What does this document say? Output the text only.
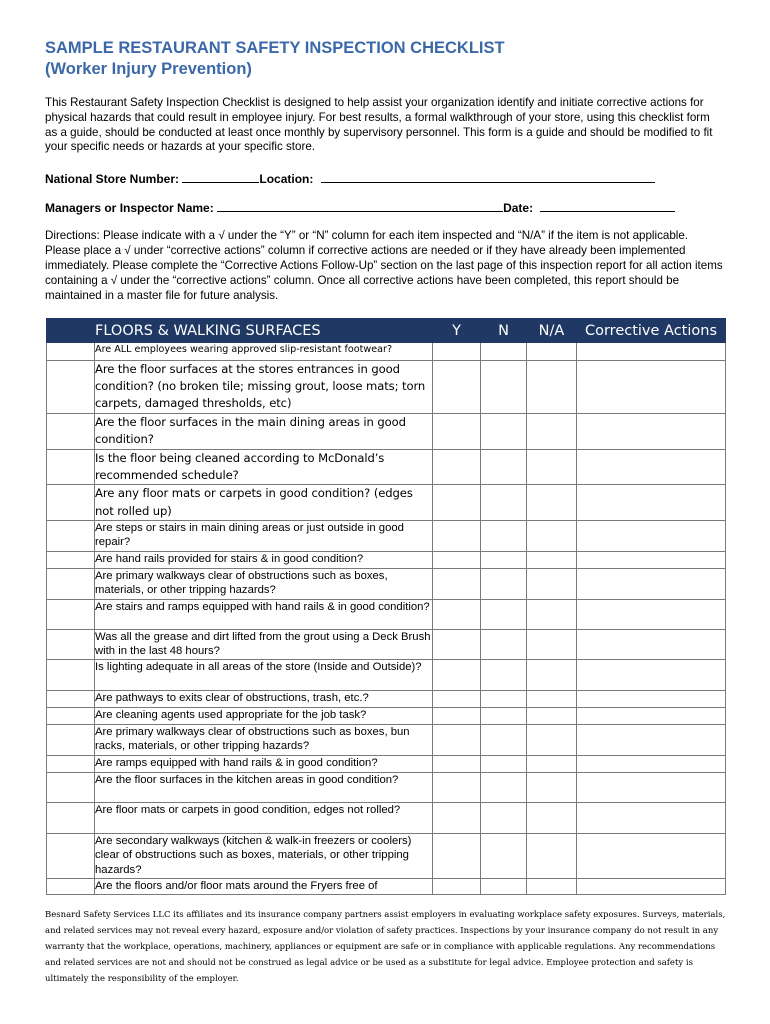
SAMPLE RESTAURANT SAFETY INSPECTION CHECKLIST
(Worker Injury Prevention)
This Restaurant Safety Inspection Checklist is designed to help assist your organization identify and initiate corrective actions for physical hazards that could result in employee injury. For best results, a formal walkthrough of your store, using this checklist form as a guide, should be conducted at least once monthly by supervisory personnel. This form is a guide and should be modified to fit your specific needs or hazards at your specific store.
National Store Number:	Location:
Managers or Inspector Name:	Date:
Directions: Please indicate with a √ under the “Y” or “N” column for each item inspected and “N/A” if the item is not applicable. Please place a √ under “corrective actions” column if corrective actions are needed or if they have already been implemented immediately. Please complete the “Corrective Actions Follow-Up” section on the last page of this inspection report for all action items containing a √ under the “corrective actions” column. Once all corrective actions have been completed, this report should be maintained in a master file for future analysis.
	FLOORS & WALKING SURFACES	Y	N	N/A	Corrective Actions
	Are ALL employees wearing approved slip-resistant footwear?				
	Are the floor surfaces at the stores entrances in good condition? (no broken tile; missing grout, loose mats; torn carpets, damaged thresholds, etc)				
	Are the floor surfaces in the main dining areas in good condition?				
	Is the floor being cleaned according to McDonald’s recommended schedule?				
	Are any floor mats or carpets in good condition? (edges not rolled up)				
	Are steps or stairs in main dining areas or just outside in good repair?				
	Are hand rails provided for stairs & in good condition?				
	Are primary walkways clear of obstructions such as boxes, materials, or other tripping hazards?				
	Are stairs and ramps equipped with hand rails & in good condition?				
	Was all the grease and dirt lifted from the grout using a Deck Brush with in the last 48 hours?				
	Is lighting adequate in all areas of the store (Inside and Outside)?				
	Are pathways to exits clear of obstructions, trash, etc.?				
	Are cleaning agents used appropriate for the job task?				
	Are primary walkways clear of obstructions such as boxes, bun racks, materials, or other tripping hazards?				
	Are ramps equipped with hand rails & in good condition?				
	Are the floor surfaces in the kitchen areas in good condition?				
	Are floor mats or carpets in good condition, edges not rolled?				
	Are secondary walkways (kitchen & walk-in freezers or coolers) clear of obstructions such as boxes, materials, or other tripping hazards?				
	Are the floors and/or floor mats around the Fryers free of				
Besnard Safety Services LLC its affiliates and its insurance company partners assist employers in evaluating workplace safety exposures. Surveys, materials, and related services may not reveal every hazard, exposure and/or violation of safety practices. Inspections by your insurance company do not result in any warranty that the workplace, operations, machinery, appliances or equipment are safe or in compliance with applicable regulations. Any recommendations and related services are not and should not be construed as legal advice or be used as a substitute for legal advice. Employee protection and safety is ultimately the responsibility of the employer.
